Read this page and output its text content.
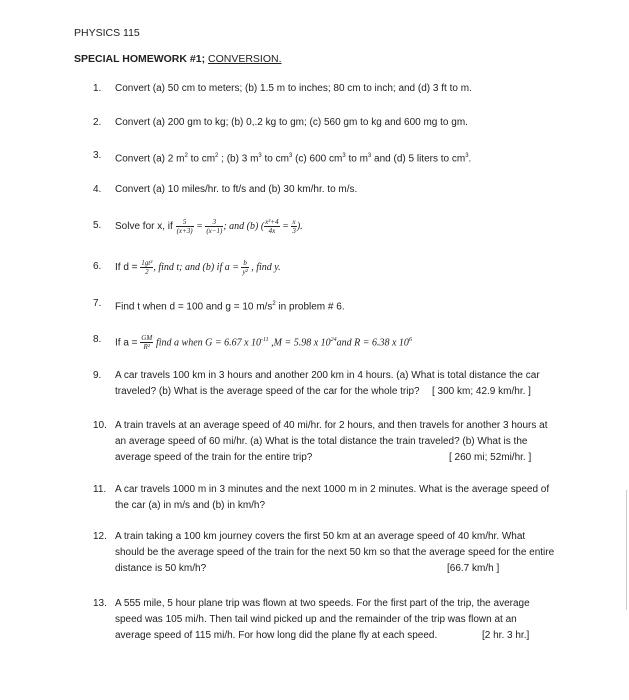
PHYSICS 115
SPECIAL HOMEWORK #1; CONVERSION.
1. Convert (a) 50 cm to meters; (b) 1.5 m to inches; 80 cm to inch; and (d) 3 ft to m.
2. Convert (a) 200 gm to kg; (b) 0,.2 kg to gm; (c) 560 gm to kg and 600 mg to gm.
3. Convert (a) 2 $m^2$ to $cm^2$ ; (b) 3 $m^3$ to $cm^3$ (c) 600 $cm^3$ to $m^3$ and (d) 5 liters to $cm^3$.
4. Convert (a) 10 miles/hr. to ft/s and (b) 30 km/hr. to m/s.
5. Solve for x, if $\frac{5}{(x+3)} = \frac{3}{(x-1)}$ ; and (b) ( $\frac{\text{x²+4}}{4x} = \frac{x}{3}$ ).
6. If $d = \frac{\text{1gt²}}{2}$ , find t; and (b) if $a = \frac{b}{\text{y²}}$ , find y.
7. Find t when d = 100 and g = 10 $m/s^2$ in problem # 6.
8. If $a = \frac{GM}{\text{R²}}$ find a when G = 6.67 x $10^{-11}$ ,M = 5.98 x $10^{24}and$ R = 6.38 x $10^6$
9. A car travels 100 km in 3 hours and another 200 km in 4 hours. (a) What is total distance the car traveled? (b) What is the average speed of the car for the whole trip?	[ 300 km; 42.9 km/hr. ]
10. A train travels at an average speed of 40 mi/hr. for 2 hours, and then travels for another 3 hours at an average speed of 60 mi/hr. (a) What is the total distance the train traveled? (b) What is the average speed of the train for the entire trip?	[ 260 mi; 52mi/hr. ]
11. A car travels 1000 m in 3 minutes and the next 1000 m in 2 minutes. What is the average speed of the car (a) in m/s and (b) in km/h?
12. A train taking a 100 km journey covers the first 50 km at an average speed of 40 km/hr. What should be the average speed of the train for the next 50 km so that the average speed for the entire distance is 50 km/h?	[66.7 km/h ]
13. A 555 mile, 5 hour plane trip was flown at two speeds. For the first part of the trip, the average speed was 105 mi/h. Then tail wind picked up and the remainder of the trip was flown at an average speed of 115 mi/h. For how long did the plane fly at each speed.	[2 hr. 3 hr.]
